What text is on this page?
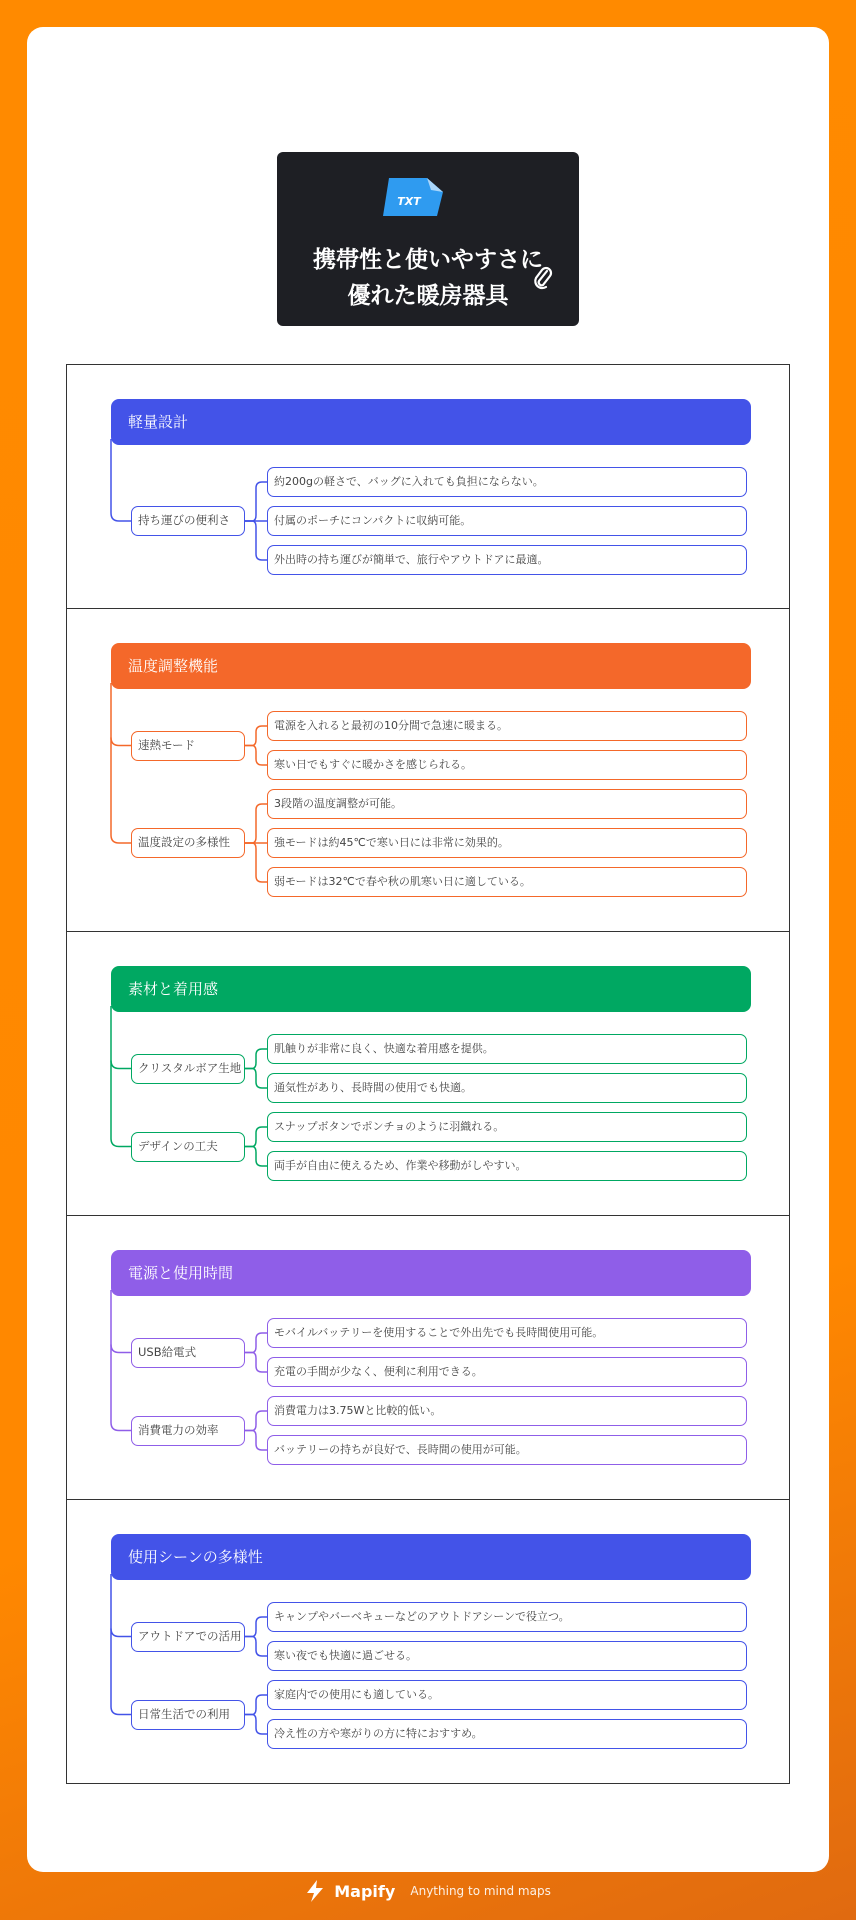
TXT
携帯性と使いやすさに
優れた暖房器具
軽量設計
持ち運びの便利さ
約200gの軽さで、バッグに入れても負担にならない。
付属のポーチにコンパクトに収納可能。
外出時の持ち運びが簡単で、旅行やアウトドアに最適。
温度調整機能
速熱モード
電源を入れると最初の10分間で急速に暖まる。
寒い日でもすぐに暖かさを感じられる。
温度設定の多様性
3段階の温度調整が可能。
強モードは約45℃で寒い日には非常に効果的。
弱モードは32℃で春や秋の肌寒い日に適している。
素材と着用感
クリスタルボア生地
肌触りが非常に良く、快適な着用感を提供。
通気性があり、長時間の使用でも快適。
デザインの工夫
スナップボタンでポンチョのように羽織れる。
両手が自由に使えるため、作業や移動がしやすい。
電源と使用時間
USB給電式
モバイルバッテリーを使用することで外出先でも長時間使用可能。
充電の手間が少なく、便利に利用できる。
消費電力の効率
消費電力は3.75Wと比較的低い。
バッテリーの持ちが良好で、長時間の使用が可能。
使用シーンの多様性
アウトドアでの活用
キャンプやバーベキューなどのアウトドアシーンで役立つ。
寒い夜でも快適に過ごせる。
日常生活での利用
家庭内での使用にも適している。
冷え性の方や寒がりの方に特におすすめ。
Mapify Anything to mind maps
